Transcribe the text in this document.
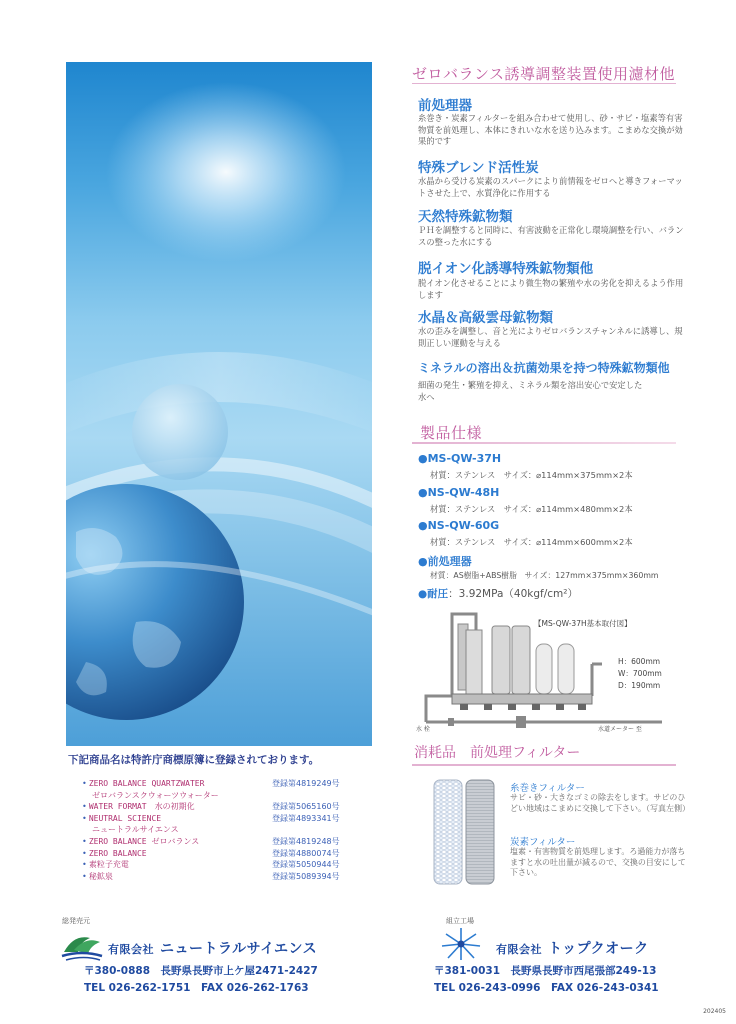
ゼロバランス誘導調整装置使用濾材他
前処理器
糸巻き・炭素フィルターを組み合わせて使用し、砂・サビ・塩素等有害物質を前処理し、本体にきれいな水を送り込みます。こまめな交換が効果的です
特殊ブレンド活性炭
水晶から受ける炭素のスパークにより前情報をゼロへと導きフォーマットさせた上で、水質浄化に作用する
天然特殊鉱物類
ＰＨを調整すると同時に、有害波動を正常化し環境調整を行い、バランスの整った水にする
脱イオン化誘導特殊鉱物類他
脱イオン化させることにより微生物の繁殖や水の劣化を抑えるよう作用します
水晶＆高級雲母鉱物類
水の歪みを調整し、音と光によりゼロバランスチャンネルに誘導し、規則正しい運動を与える
ミネラルの溶出＆抗菌効果を持つ特殊鉱物類他
細菌の発生・繁殖を抑え、ミネラル類を溶出安心で安定した水へ
製品仕様
●MS-QW-37H
材質：ステンレス　サイズ：⌀114mm×375mm×2本
●NS-QW-48H
材質：ステンレス　サイズ：⌀114mm×480mm×2本
●NS-QW-60G
材質：ステンレス　サイズ：⌀114mm×600mm×2本
●前処理器
材質：AS樹脂+ABS樹脂　サイズ：127mm×375mm×360mm
●耐圧：3.92MPa（40kgf/cm²）
【MS-QW-37H基本取付図】
H：600mm
W：700mm
D：190mm
水 栓	水道メーター 至
消耗品　前処理フィルター
糸巻きフィルター
サビ・砂・大きなゴミの除去をします。サビのひどい地域はこまめに交換して下さい。（写真左側）
炭素フィルター
塩素・有害物質を前処理します。ろ過能力が落ちますと水の吐出量が減るので、交換の目安にして下さい。
下記商品名は特許庁商標原簿に登録されております。
• ZERO BALANCE QUARTZWATER	登録第4819249号
ゼロバランスクウォーツウォーター
• WATER FORMAT　水の初期化	登録第5065160号
• NEUTRAL SCIENCE	登録第4893341号
ニュートラルサイエンス
• ZERO BALANCE ゼロバランス	登録第4819248号
• ZERO BALANCE	登録第4880074号
• 素粒子充電	登録第5050944号
• 秘鉱泉	登録第5089394号
総発売元
有限会社 ニュートラルサイエンス
〒380-0888　長野県長野市上ケ屋2471-2427
TEL 026-262-1751　FAX 026-262-1763
組立工場
有限会社 トップクオーク
〒381-0031　長野県長野市西尾張部249-13
TEL 026-243-0996　FAX 026-243-0341
202405
